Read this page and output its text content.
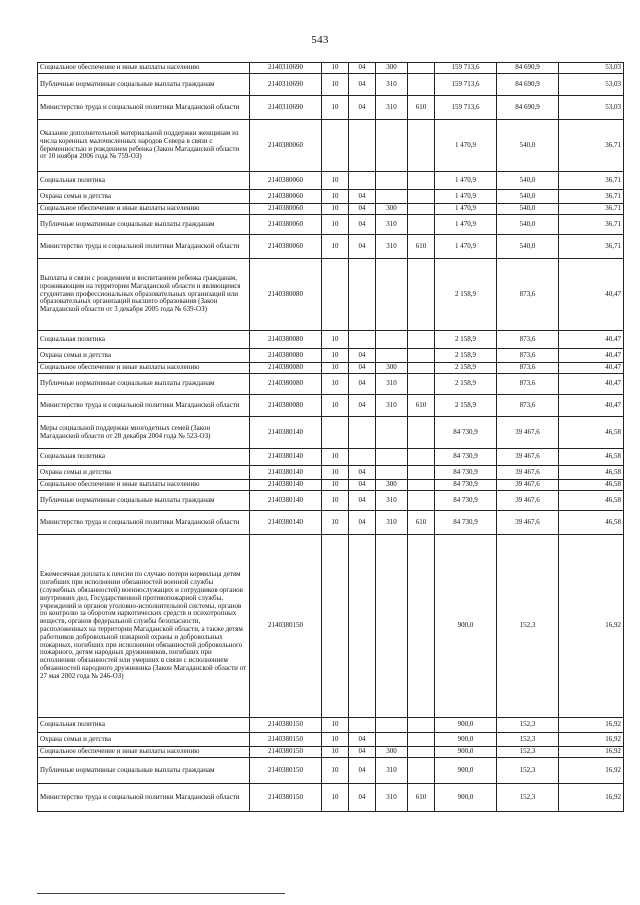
543
Социальное обеспечение и иные выплаты населению	2140310690	10	04	300		159 713,6	84 690,9	53,03
Публичные нормативные социальные выплаты гражданам	2140310690	10	04	310		159 713,6	84 690,9	53,03
Министерство труда и социальной политики Магаданской области	2140310690	10	04	310	610	159 713,6	84 690,9	53,03
Оказание дополнительной материальной поддержки женщинам из числа коренных малочисленных народов Севера в связи с беременностью и рождением ребенка (Закон Магаданской области от 10 ноября 2006 года № 759-ОЗ)	2140380060					1 470,9	540,0	36,71
Социальная политика	2140380060	10				1 470,9	540,0	36,71
Охрана семьи и детства	2140380060	10	04			1 470,9	540,0	36,71
Социальное обеспечение и иные выплаты населению	2140380060	10	04	300		1 470,9	540,0	36,71
Публичные нормативные социальные выплаты гражданам	2140380060	10	04	310		1 470,9	540,0	36,71
Министерство труда и социальной политики Магаданской области	2140380060	10	04	310	610	1 470,9	540,0	36,71
Выплаты в связи с рождением и воспитанием ребенка гражданам, проживающим на территории Магаданской области и являющимся студентами профессиональных образовательных организаций или образовательных организаций высшего образования (Закон Магаданской области от 3 декабря 2005 года № 639-ОЗ)	2140380080					2 158,9	873,6	40,47
Социальная политика	2140380080	10				2 158,9	873,6	40,47
Охрана семьи и детства	2140380080	10	04			2 158,9	873,6	40,47
Социальное обеспечение и иные выплаты населению	2140380080	10	04	300		2 158,9	873,6	40,47
Публичные нормативные социальные выплаты гражданам	2140380080	10	04	310		2 158,9	873,6	40,47
Министерство труда и социальной политики Магаданской области	2140380080	10	04	310	610	2 158,9	873,6	40,47
Меры социальной поддержки многодетных семей (Закон Магаданской области от 28 декабря 2004 года № 523-ОЗ)	2140380140					84 730,9	39 467,6	46,58
Социальная политика	2140380140	10				84 730,9	39 467,6	46,58
Охрана семьи и детства	2140380140	10	04			84 730,9	39 467,6	46,58
Социальное обеспечение и иные выплаты населению	2140380140	10	04	300		84 730,9	39 467,6	46,58
Публичные нормативные социальные выплаты гражданам	2140380140	10	04	310		84 730,9	39 467,6	46,58
Министерство труда и социальной политики Магаданской области	2140380140	10	04	310	610	84 730,9	39 467,6	46,58
Ежемесячная доплата к пенсии по случаю потери кормильца детям погибших при исполнении обязанностей военной службы (служебных обязанностей) военнослужащих и сотрудников органов внутренних дел, Государственной противопожарной службы, учреждений и органов уголовно-исполнительной системы, органов по контролю за оборотом наркотических средств и психотропных веществ, органов федеральной службы безопасности, расположенных на территории Магаданской области, а также детям работников добровольной пожарной охраны и добровольных пожарных, погибших при исполнении обязанностей добровольного пожарного, детям народных дружинников, погибших при исполнении обязанностей или умерших в связи с исполнением обязанностей народного дружинника (Закон Магаданской области от 27 мая 2002 года № 246-ОЗ)	2140380150					900,0	152,3	16,92
Социальная политика	2140380150	10				900,0	152,3	16,92
Охрана семьи и детства	2140380150	10	04			900,0	152,3	16,92
Социальное обеспечение и иные выплаты населению	2140380150	10	04	300		900,0	152,3	16,92
Публичные нормативные социальные выплаты гражданам	2140380150	10	04	310		900,0	152,3	16,92
Министерство труда и социальной политики Магаданской области	2140380150	10	04	310	610	900,0	152,3	16,92
